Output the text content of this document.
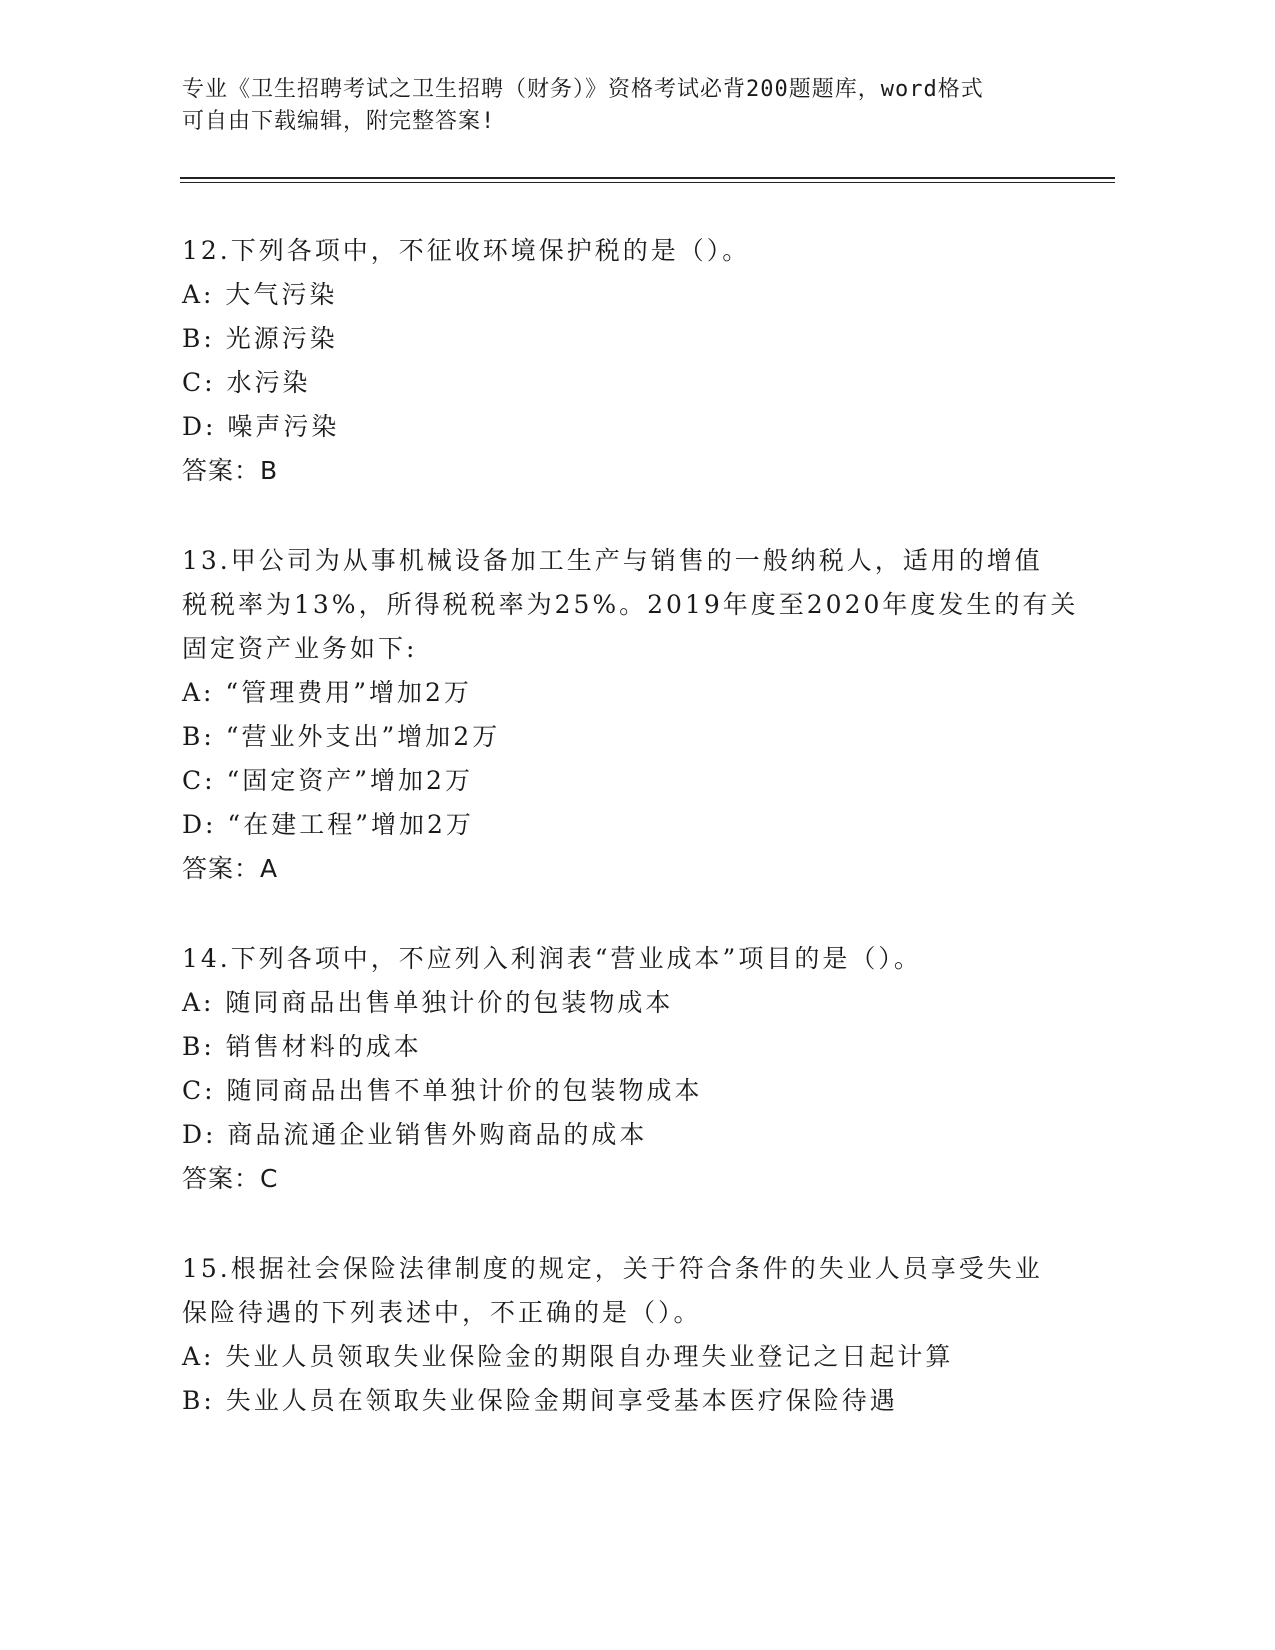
专业《卫生招聘考试之卫生招聘（财务）》资格考试必背200题题库，word格式
可自由下载编辑，附完整答案!
12.下列各项中，不征收环境保护税的是（）。
A: 大气污染
B: 光源污染
C: 水污染
D: 噪声污染
答案：B
13.甲公司为从事机械设备加工生产与销售的一般纳税人，适用的增值
税税率为13%，所得税税率为25%。2019年度至2020年度发生的有关
固定资产业务如下:
A: “管理费用”增加2万
B: “营业外支出”增加2万
C: “固定资产”增加2万
D: “在建工程”增加2万
答案：A
14.下列各项中，不应列入利润表“营业成本”项目的是（）。
A: 随同商品出售单独计价的包装物成本
B: 销售材料的成本
C: 随同商品出售不单独计价的包装物成本
D: 商品流通企业销售外购商品的成本
答案：C
15.根据社会保险法律制度的规定，关于符合条件的失业人员享受失业
保险待遇的下列表述中，不正确的是（）。
A: 失业人员领取失业保险金的期限自办理失业登记之日起计算
B: 失业人员在领取失业保险金期间享受基本医疗保险待遇
